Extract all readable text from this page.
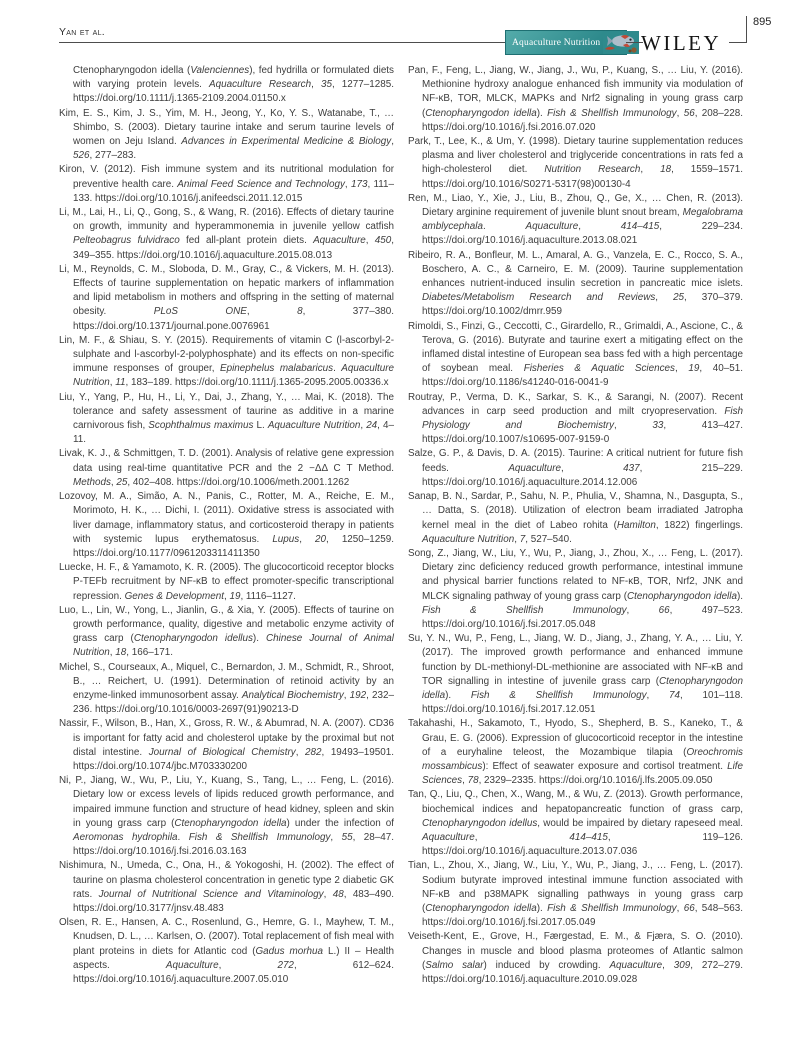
Yan et al.
Aquaculture Nutrition WILEY
895

Ctenopharyngodon idella (Valenciennes), fed hydrilla or formulated diets with varying protein levels. Aquaculture Research, 35, 1277–1285. https://doi.org/10.1111/j.1365-2109.2004.01150.x

Kim, E. S., Kim, J. S., Yim, M. H., Jeong, Y., Ko, Y. S., Watanabe, T., … Shimbo, S. (2003). Dietary taurine intake and serum taurine levels of women on Jeju Island. Advances in Experimental Medicine & Biology, 526, 277–283.

Kiron, V. (2012). Fish immune system and its nutritional modulation for preventive health care. Animal Feed Science and Technology, 173, 111–133. https://doi.org/10.1016/j.anifeedsci.2011.12.015

Li, M., Lai, H., Li, Q., Gong, S., & Wang, R. (2016). Effects of dietary taurine on growth, immunity and hyperammonemia in juvenile yellow catfish Pelteobagrus fulvidraco fed all-plant protein diets. Aquaculture, 450, 349–355. https://doi.org/10.1016/j.aquaculture.2015.08.013

Li, M., Reynolds, C. M., Sloboda, D. M., Gray, C., & Vickers, M. H. (2013). Effects of taurine supplementation on hepatic markers of inflammation and lipid metabolism in mothers and offspring in the setting of maternal obesity. PLoS ONE, 8, 377–380. https://doi.org/10.1371/journal.pone.0076961

Lin, M. F., & Shiau, S. Y. (2015). Requirements of vitamin C (l-ascorbyl-2-sulphate and l-ascorbyl-2-polyphosphate) and its effects on non-specific immune responses of grouper, Epinephelus malabaricus. Aquaculture Nutrition, 11, 183–189. https://doi.org/10.1111/j.1365-2095.2005.00336.x

Liu, Y., Yang, P., Hu, H., Li, Y., Dai, J., Zhang, Y., … Mai, K. (2018). The tolerance and safety assessment of taurine as additive in a marine carnivorous fish, Scophthalmus maximus L. Aquaculture Nutrition, 24, 4–11.

Livak, K. J., & Schmittgen, T. D. (2001). Analysis of relative gene expression data using real-time quantitative PCR and the 2 −ΔΔ C T Method. Methods, 25, 402–408. https://doi.org/10.1006/meth.2001.1262

Lozovoy, M. A., Simão, A. N., Panis, C., Rotter, M. A., Reiche, E. M., Morimoto, H. K., … Dichi, I. (2011). Oxidative stress is associated with liver damage, inflammatory status, and corticosteroid therapy in patients with systemic lupus erythematosus. Lupus, 20, 1250–1259. https://doi.org/10.1177/0961203311411350

Luecke, H. F., & Yamamoto, K. R. (2005). The glucocorticoid receptor blocks P-TEFb recruitment by NF-κB to effect promoter-specific transcriptional repression. Genes & Development, 19, 1116–1127.

Luo, L., Lin, W., Yong, L., Jianlin, G., & Xia, Y. (2005). Effects of taurine on growth performance, quality, digestive and metabolic enzyme activity of grass carp (Ctenopharyngodon idellus). Chinese Journal of Animal Nutrition, 18, 166–171.

Michel, S., Courseaux, A., Miquel, C., Bernardon, J. M., Schmidt, R., Shroot, B., … Reichert, U. (1991). Determination of retinoid activity by an enzyme-linked immunosorbent assay. Analytical Biochemistry, 192, 232–236. https://doi.org/10.1016/0003-2697(91)90213-D

Nassir, F., Wilson, B., Han, X., Gross, R. W., & Abumrad, N. A. (2007). CD36 is important for fatty acid and cholesterol uptake by the proximal but not distal intestine. Journal of Biological Chemistry, 282, 19493–19501. https://doi.org/10.1074/jbc.M703330200

Ni, P., Jiang, W., Wu, P., Liu, Y., Kuang, S., Tang, L., … Feng, L. (2016). Dietary low or excess levels of lipids reduced growth performance, and impaired immune function and structure of head kidney, spleen and skin in young grass carp (Ctenopharyngodon idella) under the infection of Aeromonas hydrophila. Fish & Shellfish Immunology, 55, 28–47. https://doi.org/10.1016/j.fsi.2016.03.163

Nishimura, N., Umeda, C., Ona, H., & Yokogoshi, H. (2002). The effect of taurine on plasma cholesterol concentration in genetic type 2 diabetic GK rats. Journal of Nutritional Science and Vitaminology, 48, 483–490. https://doi.org/10.3177/jnsv.48.483

Olsen, R. E., Hansen, A. C., Rosenlund, G., Hemre, G. I., Mayhew, T. M., Knudsen, D. L., … Karlsen, O. (2007). Total replacement of fish meal with plant proteins in diets for Atlantic cod (Gadus morhua L.) II – Health aspects. Aquaculture, 272, 612–624. https://doi.org/10.1016/j.aquaculture.2007.05.010

Pan, F., Feng, L., Jiang, W., Jiang, J., Wu, P., Kuang, S., … Liu, Y. (2016). Methionine hydroxy analogue enhanced fish immunity via modulation of NF-κB, TOR, MLCK, MAPKs and Nrf2 signaling in young grass carp (Ctenopharyngodon idella). Fish & Shellfish Immunology, 56, 208–228. https://doi.org/10.1016/j.fsi.2016.07.020

Park, T., Lee, K., & Um, Y. (1998). Dietary taurine supplementation reduces plasma and liver cholesterol and triglyceride concentrations in rats fed a high-cholesterol diet. Nutrition Research, 18, 1559–1571. https://doi.org/10.1016/S0271-5317(98)00130-4

Ren, M., Liao, Y., Xie, J., Liu, B., Zhou, Q., Ge, X., … Chen, R. (2013). Dietary arginine requirement of juvenile blunt snout bream, Megalobrama amblycephala. Aquaculture, 414–415, 229–234. https://doi.org/10.1016/j.aquaculture.2013.08.021

Ribeiro, R. A., Bonfleur, M. L., Amaral, A. G., Vanzela, E. C., Rocco, S. A., Boschero, A. C., & Carneiro, E. M. (2009). Taurine supplementation enhances nutrient-induced insulin secretion in pancreatic mice islets. Diabetes/Metabolism Research and Reviews, 25, 370–379. https://doi.org/10.1002/dmrr.959

Rimoldi, S., Finzi, G., Ceccotti, C., Girardello, R., Grimaldi, A., Ascione, C., & Terova, G. (2016). Butyrate and taurine exert a mitigating effect on the inflamed distal intestine of European sea bass fed with a high percentage of soybean meal. Fisheries & Aquatic Sciences, 19, 40–51. https://doi.org/10.1186/s41240-016-0041-9

Routray, P., Verma, D. K., Sarkar, S. K., & Sarangi, N. (2007). Recent advances in carp seed production and milt cryopreservation. Fish Physiology and Biochemistry, 33, 413–427. https://doi.org/10.1007/s10695-007-9159-0

Salze, G. P., & Davis, D. A. (2015). Taurine: A critical nutrient for future fish feeds. Aquaculture, 437, 215–229. https://doi.org/10.1016/j.aquaculture.2014.12.006

Sanap, B. N., Sardar, P., Sahu, N. P., Phulia, V., Shamna, N., Dasgupta, S., … Datta, S. (2018). Utilization of electron beam irradiated Jatropha kernel meal in the diet of Labeo rohita (Hamilton, 1822) fingerlings. Aquaculture Nutrition, 7, 527–540.

Song, Z., Jiang, W., Liu, Y., Wu, P., Jiang, J., Zhou, X., … Feng, L. (2017). Dietary zinc deficiency reduced growth performance, intestinal immune and physical barrier functions related to NF-κB, TOR, Nrf2, JNK and MLCK signaling pathway of young grass carp (Ctenopharyngodon idella). Fish & Shellfish Immunology, 66, 497–523. https://doi.org/10.1016/j.fsi.2017.05.048

Su, Y. N., Wu, P., Feng, L., Jiang, W. D., Jiang, J., Zhang, Y. A., … Liu, Y. (2017). The improved growth performance and enhanced immune function by DL-methionyl-DL-methionine are associated with NF-κB and TOR signalling in intestine of juvenile grass carp (Ctenopharyngodon idella). Fish & Shellfish Immunology, 74, 101–118. https://doi.org/10.1016/j.fsi.2017.12.051

Takahashi, H., Sakamoto, T., Hyodo, S., Shepherd, B. S., Kaneko, T., & Grau, E. G. (2006). Expression of glucocorticoid receptor in the intestine of a euryhaline teleost, the Mozambique tilapia (Oreochromis mossambicus): Effect of seawater exposure and cortisol treatment. Life Sciences, 78, 2329–2335. https://doi.org/10.1016/j.lfs.2005.09.050

Tan, Q., Liu, Q., Chen, X., Wang, M., & Wu, Z. (2013). Growth performance, biochemical indices and hepatopancreatic function of grass carp, Ctenopharyngodon idellus, would be impaired by dietary rapeseed meal. Aquaculture, 414–415, 119–126. https://doi.org/10.1016/j.aquaculture.2013.07.036

Tian, L., Zhou, X., Jiang, W., Liu, Y., Wu, P., Jiang, J., … Feng, L. (2017). Sodium butyrate improved intestinal immune function associated with NF-κB and p38MAPK signalling pathways in young grass carp (Ctenopharyngodon idella). Fish & Shellfish Immunology, 66, 548–563. https://doi.org/10.1016/j.fsi.2017.05.049

Veiseth-Kent, E., Grove, H., Færgestad, E. M., & Fjæra, S. O. (2010). Changes in muscle and blood plasma proteomes of Atlantic salmon (Salmo salar) induced by crowding. Aquaculture, 309, 272–279. https://doi.org/10.1016/j.aquaculture.2010.09.028
